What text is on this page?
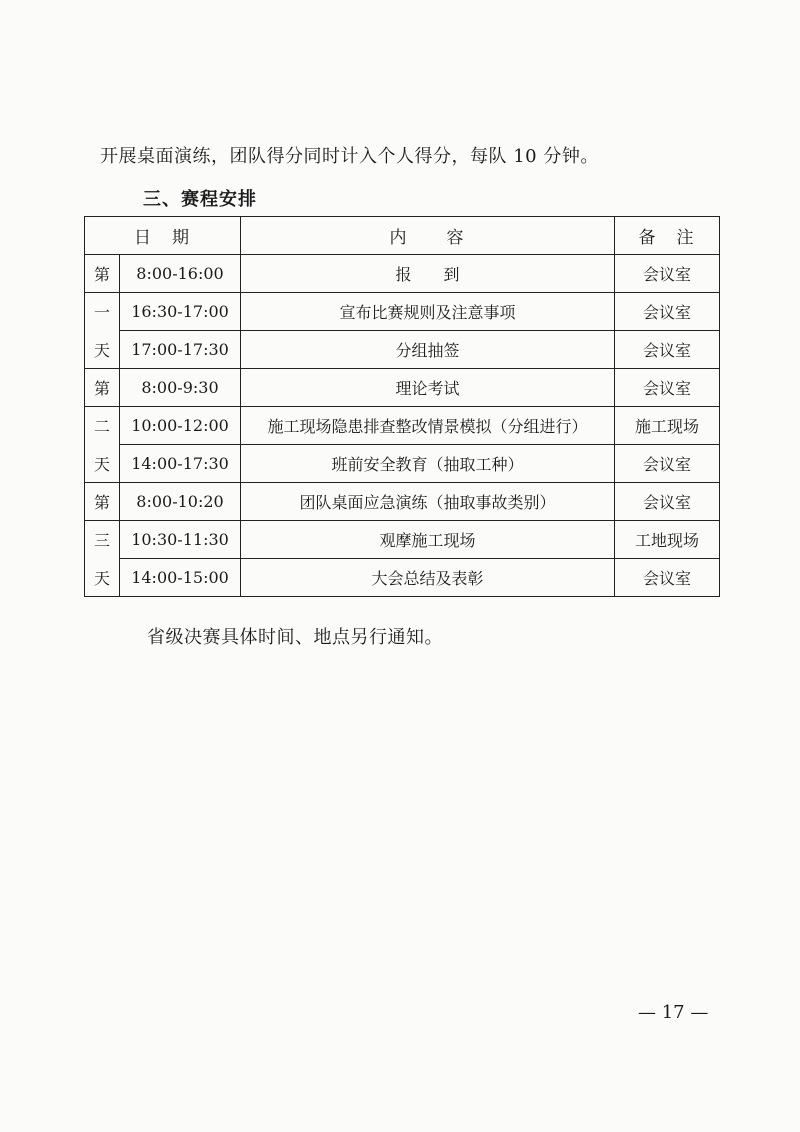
开展桌面演练，团队得分同时计入个人得分，每队 10 分钟。
三、赛程安排
日　期		内　　容	备　注
第	8:00-16:00	报　　到	会议室
一	16:30-17:00	宣布比赛规则及注意事项	会议室
天	17:00-17:30	分组抽签	会议室
第	8:00-9:30	理论考试	会议室
二	10:00-12:00	施工现场隐患排查整改情景模拟（分组进行）	施工现场
天	14:00-17:30	班前安全教育（抽取工种）	会议室
第	8:00-10:20	团队桌面应急演练（抽取事故类别）	会议室
三	10:30-11:30	观摩施工现场	工地现场
天	14:00-15:00	大会总结及表彰	会议室
省级决赛具体时间、地点另行通知。
— 17 —
